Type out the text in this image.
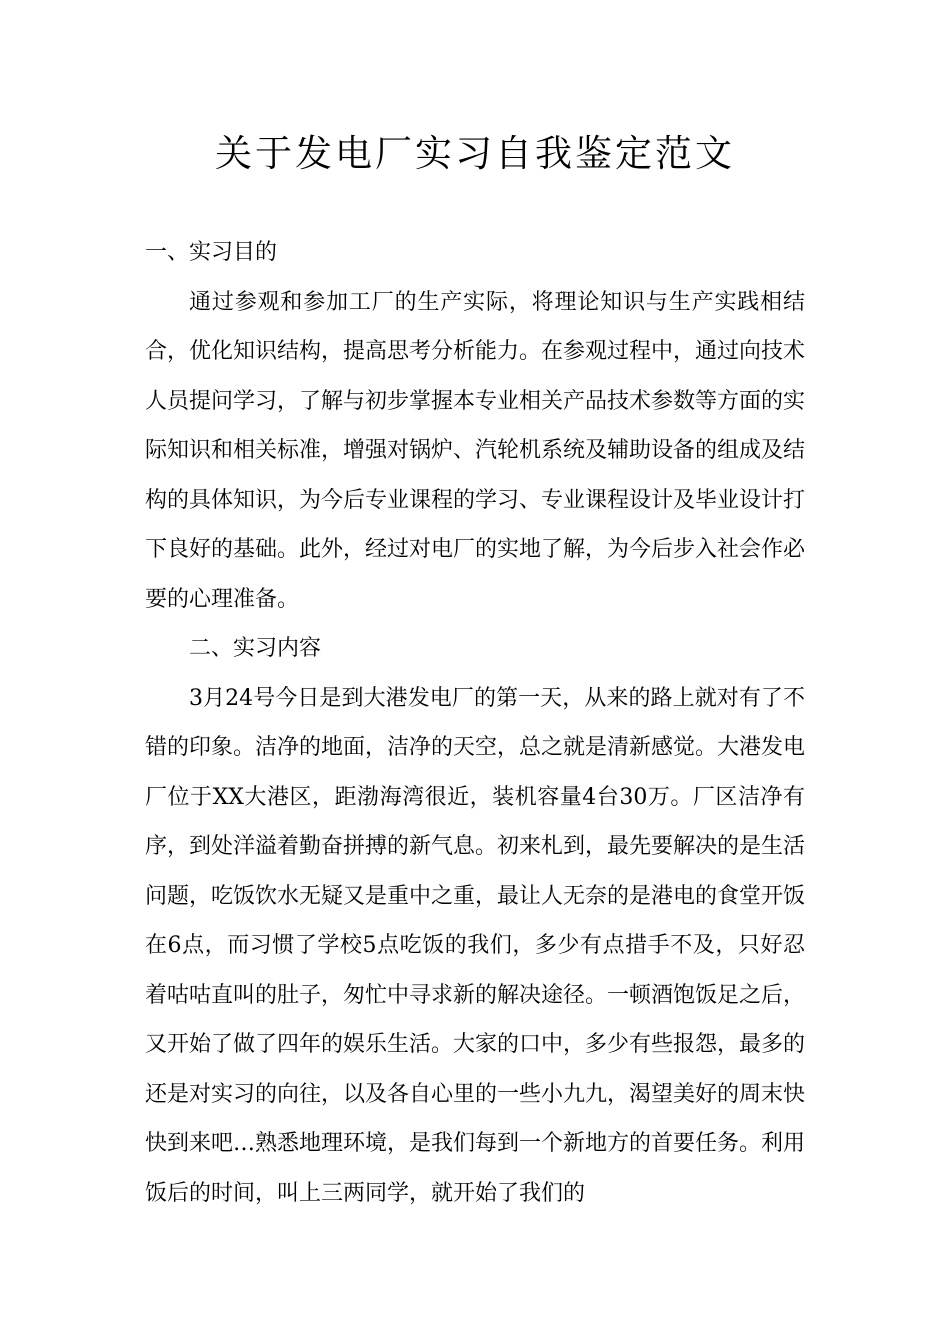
关于发电厂实习自我鉴定范文

一、实习目的

通过参观和参加工厂的生产实际，将理论知识与生产实践相结合，优化知识结构，提高思考分析能力。在参观过程中，通过向技术人员提问学习，了解与初步掌握本专业相关产品技术参数等方面的实际知识和相关标准，增强对锅炉、汽轮机系统及辅助设备的组成及结构的具体知识，为今后专业课程的学习、专业课程设计及毕业设计打下良好的基础。此外，经过对电厂的实地了解，为今后步入社会作必要的心理准备。

二、实习内容

3月24号今日是到大港发电厂的第一天，从来的路上就对有了不错的印象。洁净的地面，洁净的天空，总之就是清新感觉。大港发电厂位于XX大港区，距渤海湾很近，装机容量4台30万。厂区洁净有序，到处洋溢着勤奋拼搏的新气息。初来札到，最先要解决的是生活问题，吃饭饮水无疑又是重中之重，最让人无奈的是港电的食堂开饭在6点，而习惯了学校5点吃饭的我们，多少有点措手不及，只好忍着咕咕直叫的肚子，匆忙中寻求新的解决途径。一顿酒饱饭足之后，又开始了做了四年的娱乐生活。大家的口中，多少有些报怨，最多的还是对实习的向往，以及各自心里的一些小九九，渴望美好的周末快快到来吧…熟悉地理环境，是我们每到一个新地方的首要任务。利用饭后的时间，叫上三两同学，就开始了我们的
